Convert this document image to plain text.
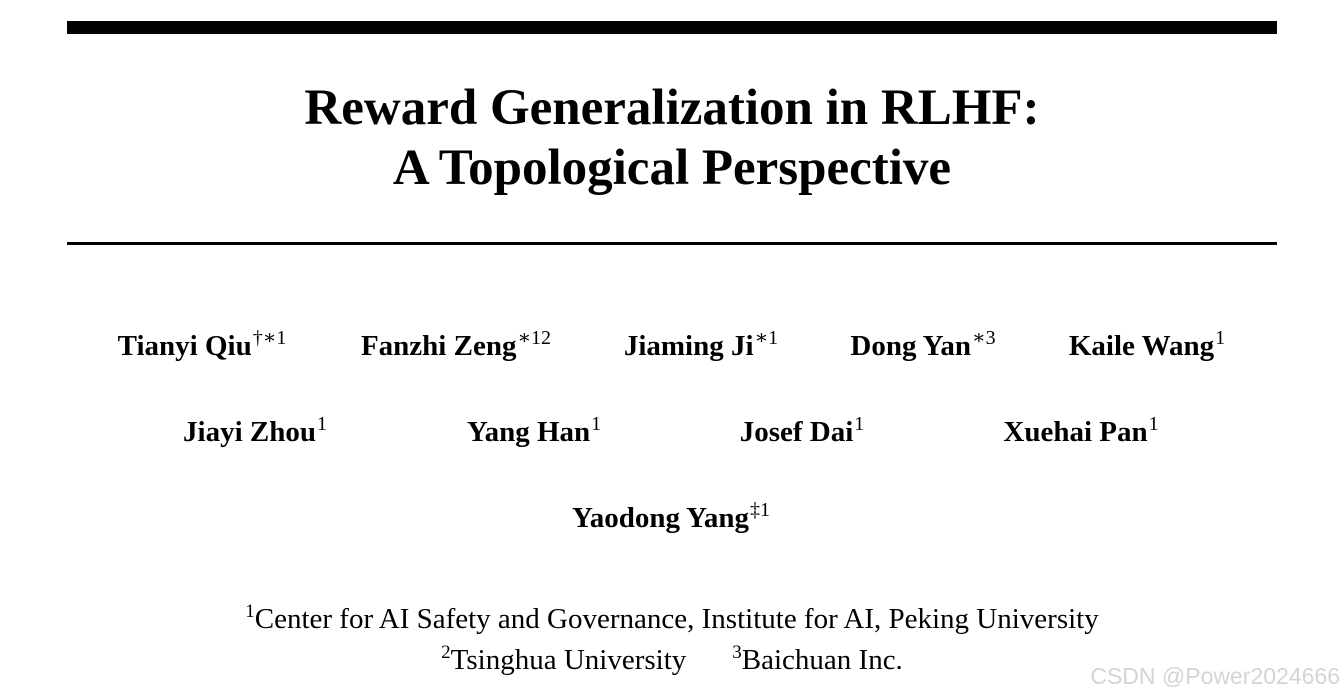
Reward Generalization in RLHF:
A Topological Perspective
Tianyi Qiu$^{\dagger∗1}$	Fanzhi Zeng$^{∗12}$	Jiaming $Ji^{∗1}$ Dong Yan$^{∗3}$	Kaile Wang$^1$
Jiayi Zhou$^1$	Yang Han$^1$	Josef Dai$^1$	Xuehai Pan$^1$
Yaodong Yang$^{\ddagger 1}$
$^1$Center for AI Safety and Governance, Institute for AI, Peking University
$^2$Tsinghua University $^3$Baichuan Inc.	CSDN @Power2024666
